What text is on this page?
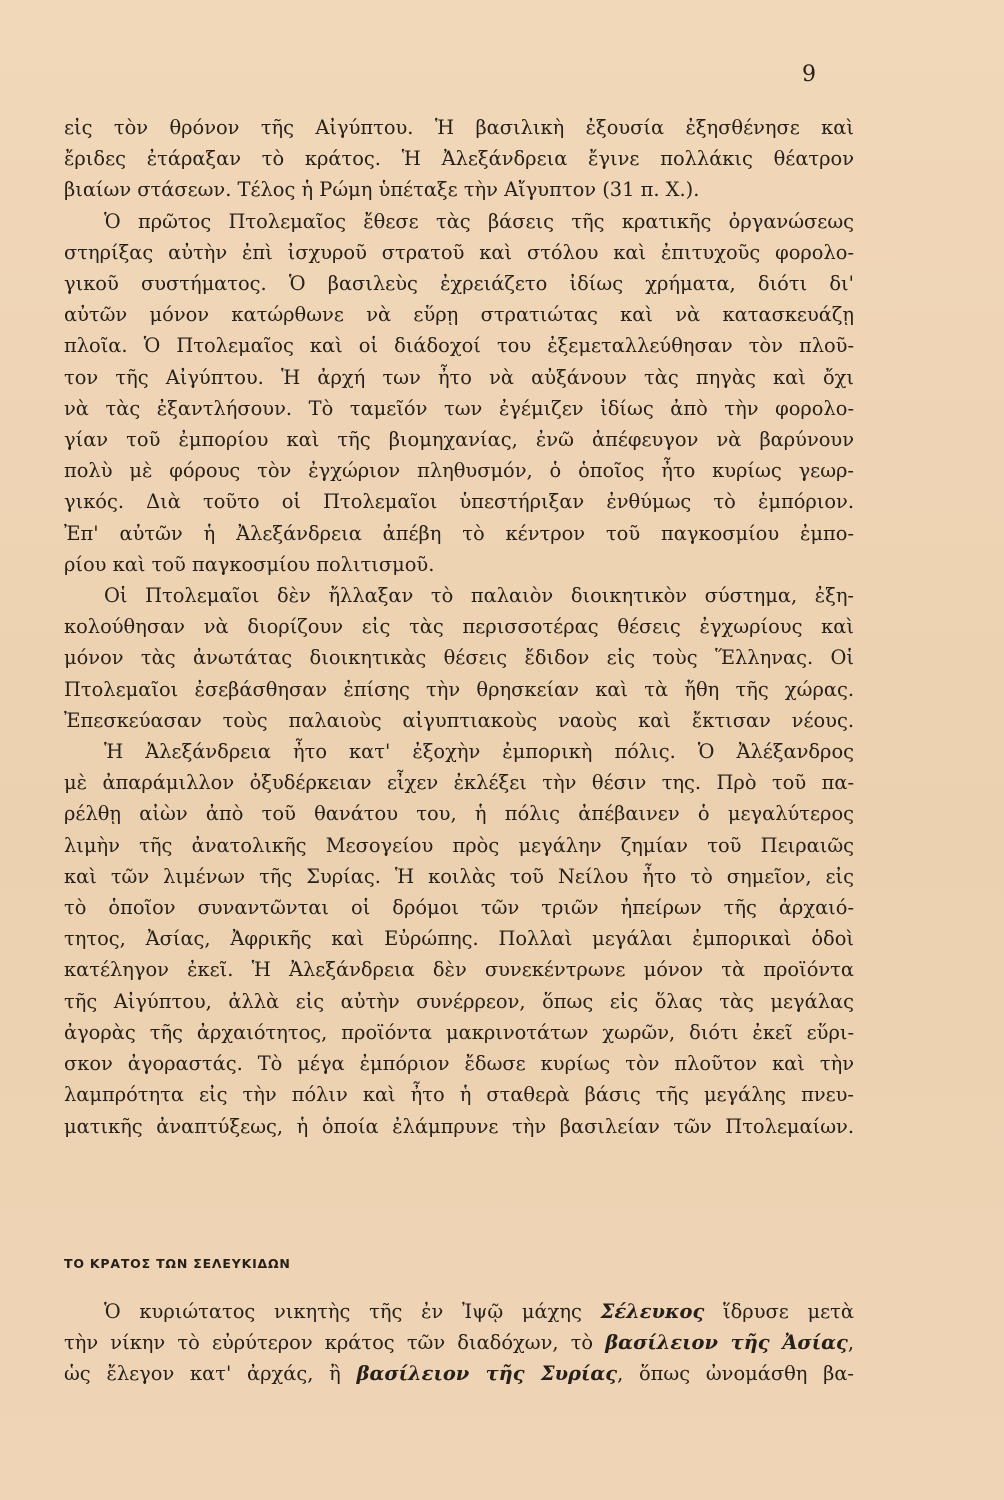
9
εἰς τὸν θρόνον τῆς Αἰγύπτου. Ἡ βασιλικὴ ἐξουσία ἐξησθένησε καὶ
ἔριδες ἐτάραξαν τὸ κράτος. Ἡ Ἀλεξάνδρεια ἔγινε πολλάκις θέατρον
βιαίων στάσεων. Τέλος ἡ Ρώμη ὑπέταξε τὴν Αἴγυπτον (31 π. Χ.).
Ὁ πρῶτος Πτολεμαῖος ἔθεσε τὰς βάσεις τῆς κρατικῆς ὀργανώσεως
στηρίξας αὐτὴν ἐπὶ ἰσχυροῦ στρατοῦ καὶ στόλου καὶ ἐπιτυχοῦς φορολο-
γικοῦ συστήματος. Ὁ βασιλεὺς ἐχρειάζετο ἰδίως χρήματα, διότι δι'
αὐτῶν μόνον κατώρθωνε νὰ εὕρῃ στρατιώτας καὶ νὰ κατασκευάζῃ
πλοῖα. Ὁ Πτολεμαῖος καὶ οἱ διάδοχοί του ἐξεμεταλλεύθησαν τὸν πλοῦ-
τον τῆς Αἰγύπτου. Ἡ ἀρχή των ἦτο νὰ αὐξάνουν τὰς πηγὰς καὶ ὄχι
νὰ τὰς ἐξαντλήσουν. Τὸ ταμεῖόν των ἐγέμιζεν ἰδίως ἀπὸ τὴν φορολο-
γίαν τοῦ ἐμπορίου καὶ τῆς βιομηχανίας, ἐνῶ ἀπέφευγον νὰ βαρύνουν
πολὺ μὲ φόρους τὸν ἐγχώριον πληθυσμόν, ὁ ὁποῖος ἦτο κυρίως γεωρ-
γικός. Διὰ τοῦτο οἱ Πτολεμαῖοι ὑπεστήριξαν ἐνθύμως τὸ ἐμπόριον.
Ἐπ' αὐτῶν ἡ Ἀλεξάνδρεια ἀπέβη τὸ κέντρον τοῦ παγκοσμίου ἐμπο-
ρίου καὶ τοῦ παγκοσμίου πολιτισμοῦ.
Οἱ Πτολεμαῖοι δὲν ἤλλαξαν τὸ παλαιὸν διοικητικὸν σύστημα, ἐξη-
κολούθησαν νὰ διορίζουν εἰς τὰς περισσοτέρας θέσεις ἐγχωρίους καὶ
μόνον τὰς ἀνωτάτας διοικητικὰς θέσεις ἔδιδον εἰς τοὺς Ἕλληνας. Οἱ
Πτολεμαῖοι ἐσεβάσθησαν ἐπίσης τὴν θρησκείαν καὶ τὰ ἤθη τῆς χώρας.
Ἐπεσκεύασαν τοὺς παλαιοὺς αἰγυπτιακοὺς ναοὺς καὶ ἔκτισαν νέους.
Ἡ Ἀλεξάνδρεια ἦτο κατ' ἐξοχὴν ἐμπορικὴ πόλις. Ὁ Ἀλέξανδρος
μὲ ἀπαράμιλλον ὀξυδέρκειαν εἶχεν ἐκλέξει τὴν θέσιν της. Πρὸ τοῦ πα-
ρέλθῃ αἰὼν ἀπὸ τοῦ θανάτου του, ἡ πόλις ἀπέβαινεν ὁ μεγαλύτερος
λιμὴν τῆς ἀνατολικῆς Μεσογείου πρὸς μεγάλην ζημίαν τοῦ Πειραιῶς
καὶ τῶν λιμένων τῆς Συρίας. Ἡ κοιλὰς τοῦ Νείλου ἦτο τὸ σημεῖον, εἰς
τὸ ὁποῖον συναντῶνται οἱ δρόμοι τῶν τριῶν ἠπείρων τῆς ἀρχαιό-
τητος, Ἀσίας, Ἀφρικῆς καὶ Εὐρώπης. Πολλαὶ μεγάλαι ἐμπορικαὶ ὁδοὶ
κατέληγον ἐκεῖ. Ἡ Ἀλεξάνδρεια δὲν συνεκέντρωνε μόνον τὰ προϊόντα
τῆς Αἰγύπτου, ἀλλὰ εἰς αὐτὴν συνέρρεον, ὅπως εἰς ὅλας τὰς μεγάλας
ἀγορὰς τῆς ἀρχαιότητος, προϊόντα μακρινοτάτων χωρῶν, διότι ἐκεῖ εὕρι-
σκον ἀγοραστάς. Τὸ μέγα ἐμπόριον ἔδωσε κυρίως τὸν πλοῦτον καὶ τὴν
λαμπρότητα εἰς τὴν πόλιν καὶ ἦτο ἡ σταθερὰ βάσις τῆς μεγάλης πνευ-
ματικῆς ἀναπτύξεως, ἡ ὁποία ἐλάμπρυνε τὴν βασιλείαν τῶν Πτολεμαίων.
ΤΟ ΚΡΑΤΟΣ ΤΩΝ ΣΕΛΕΥΚΙΔΩΝ
Ὁ κυριώτατος νικητὴς τῆς ἐν Ἰψῷ μάχης Σέλευκος ἵδρυσε μετὰ
τὴν νίκην τὸ εὐρύτερον κράτος τῶν διαδόχων, τὸ βασίλειον τῆς Ἀσίας,
ὡς ἔλεγον κατ' ἀρχάς, ἢ βασίλειον τῆς Συρίας, ὅπως ὠνομάσθη βα-
